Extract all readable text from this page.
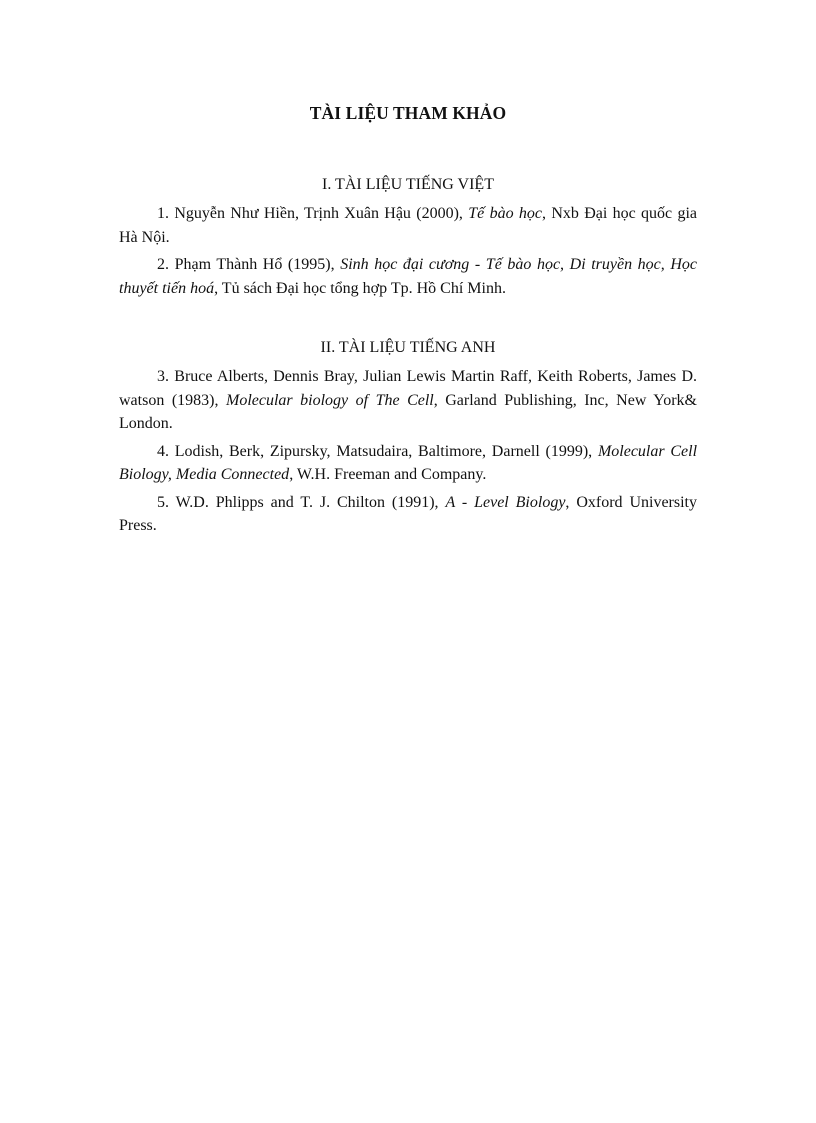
TÀI LIỆU THAM KHẢO
I. TÀI LIỆU TIẾNG VIỆT
1. Nguyễn Như Hiền, Trịnh Xuân Hậu (2000), Tế bào học, Nxb Đại học quốc gia Hà Nội.
2. Phạm Thành Hổ (1995), Sinh học đại cương - Tế bào học, Di truyền học, Học thuyết tiến hoá, Tủ sách Đại học tổng hợp Tp. Hồ Chí Minh.
II. TÀI LIỆU TIẾNG ANH
3. Bruce Alberts, Dennis Bray, Julian Lewis Martin Raff, Keith Roberts, James D. watson (1983), Molecular biology of The Cell, Garland Publishing, Inc, New York& London.
4. Lodish, Berk, Zipursky, Matsudaira, Baltimore, Darnell (1999), Molecular Cell Biology, Media Connected, W.H. Freeman and Company.
5. W.D. Phlipps and T. J. Chilton (1991), A - Level Biology, Oxford University Press.
